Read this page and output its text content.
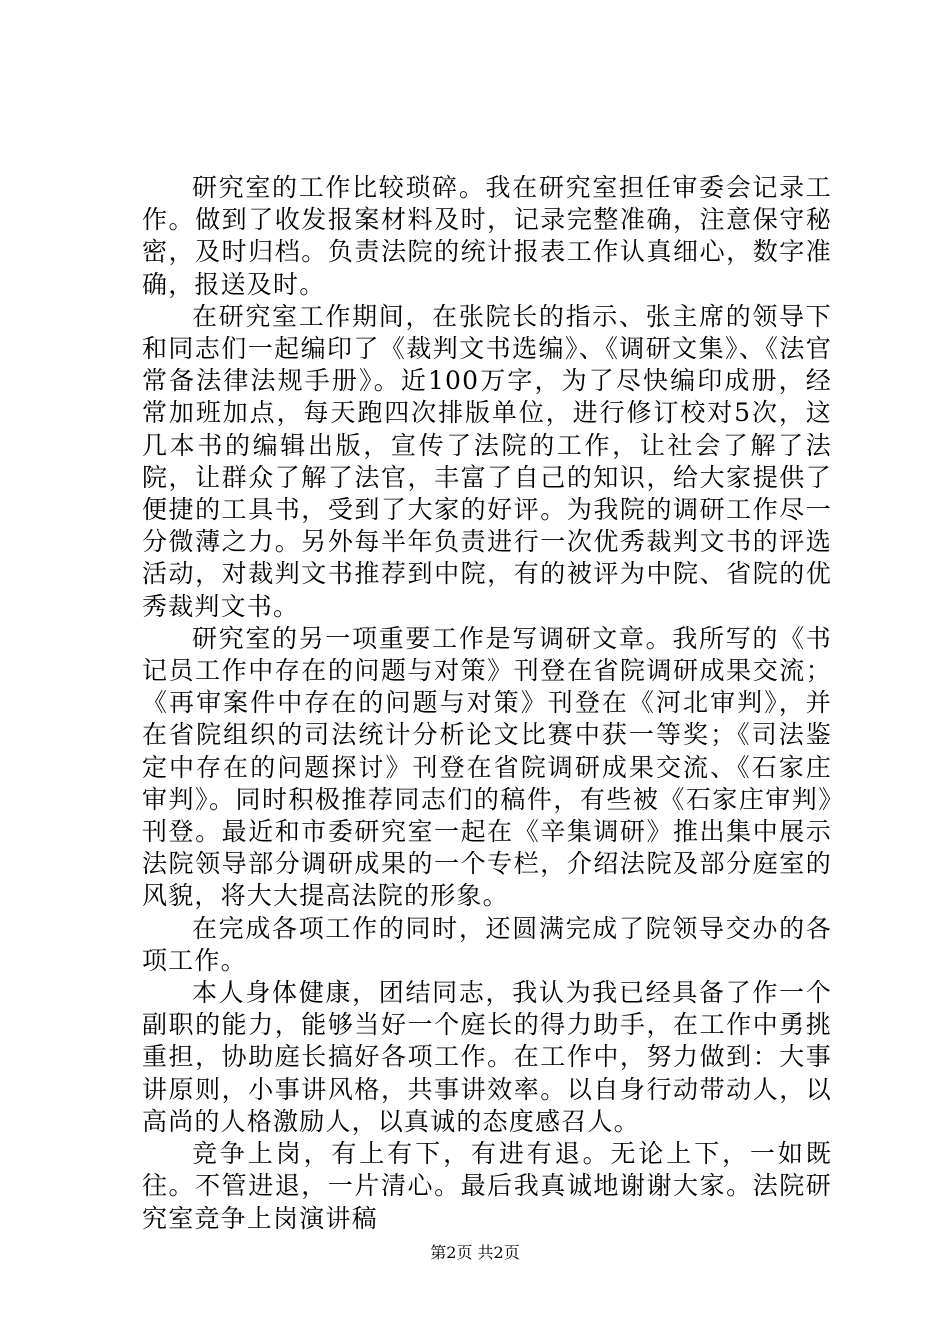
研究室的工作比较琐碎。我在研究室担任审委会记录工作。做到了收发报案材料及时，记录完整准确，注意保守秘密，及时归档。负责法院的统计报表工作认真细心，数字准确，报送及时。

在研究室工作期间，在张院长的指示、张主席的领导下和同志们一起编印了《裁判文书选编》、《调研文集》、《法官常备法律法规手册》。近100万字，为了尽快编印成册，经常加班加点，每天跑四次排版单位，进行修订校对5次，这几本书的编辑出版，宣传了法院的工作，让社会了解了法院，让群众了解了法官，丰富了自己的知识，给大家提供了便捷的工具书，受到了大家的好评。为我院的调研工作尽一分微薄之力。另外每半年负责进行一次优秀裁判文书的评选活动，对裁判文书推荐到中院，有的被评为中院、省院的优秀裁判文书。

研究室的另一项重要工作是写调研文章。我所写的《书记员工作中存在的问题与对策》刊登在省院调研成果交流；《再审案件中存在的问题与对策》刊登在《河北审判》，并在省院组织的司法统计分析论文比赛中获一等奖；《司法鉴定中存在的问题探讨》刊登在省院调研成果交流、《石家庄审判》。同时积极推荐同志们的稿件，有些被《石家庄审判》刊登。最近和市委研究室一起在《辛集调研》推出集中展示法院领导部分调研成果的一个专栏，介绍法院及部分庭室的风貌，将大大提高法院的形象。

在完成各项工作的同时，还圆满完成了院领导交办的各项工作。

本人身体健康，团结同志，我认为我已经具备了作一个副职的能力，能够当好一个庭长的得力助手，在工作中勇挑重担，协助庭长搞好各项工作。在工作中，努力做到：大事讲原则，小事讲风格，共事讲效率。以自身行动带动人，以高尚的人格激励人，以真诚的态度感召人。

竞争上岗，有上有下，有进有退。无论上下，一如既往。不管进退，一片清心。最后我真诚地谢谢大家。法院研究室竞争上岗演讲稿

第2页 共2页
